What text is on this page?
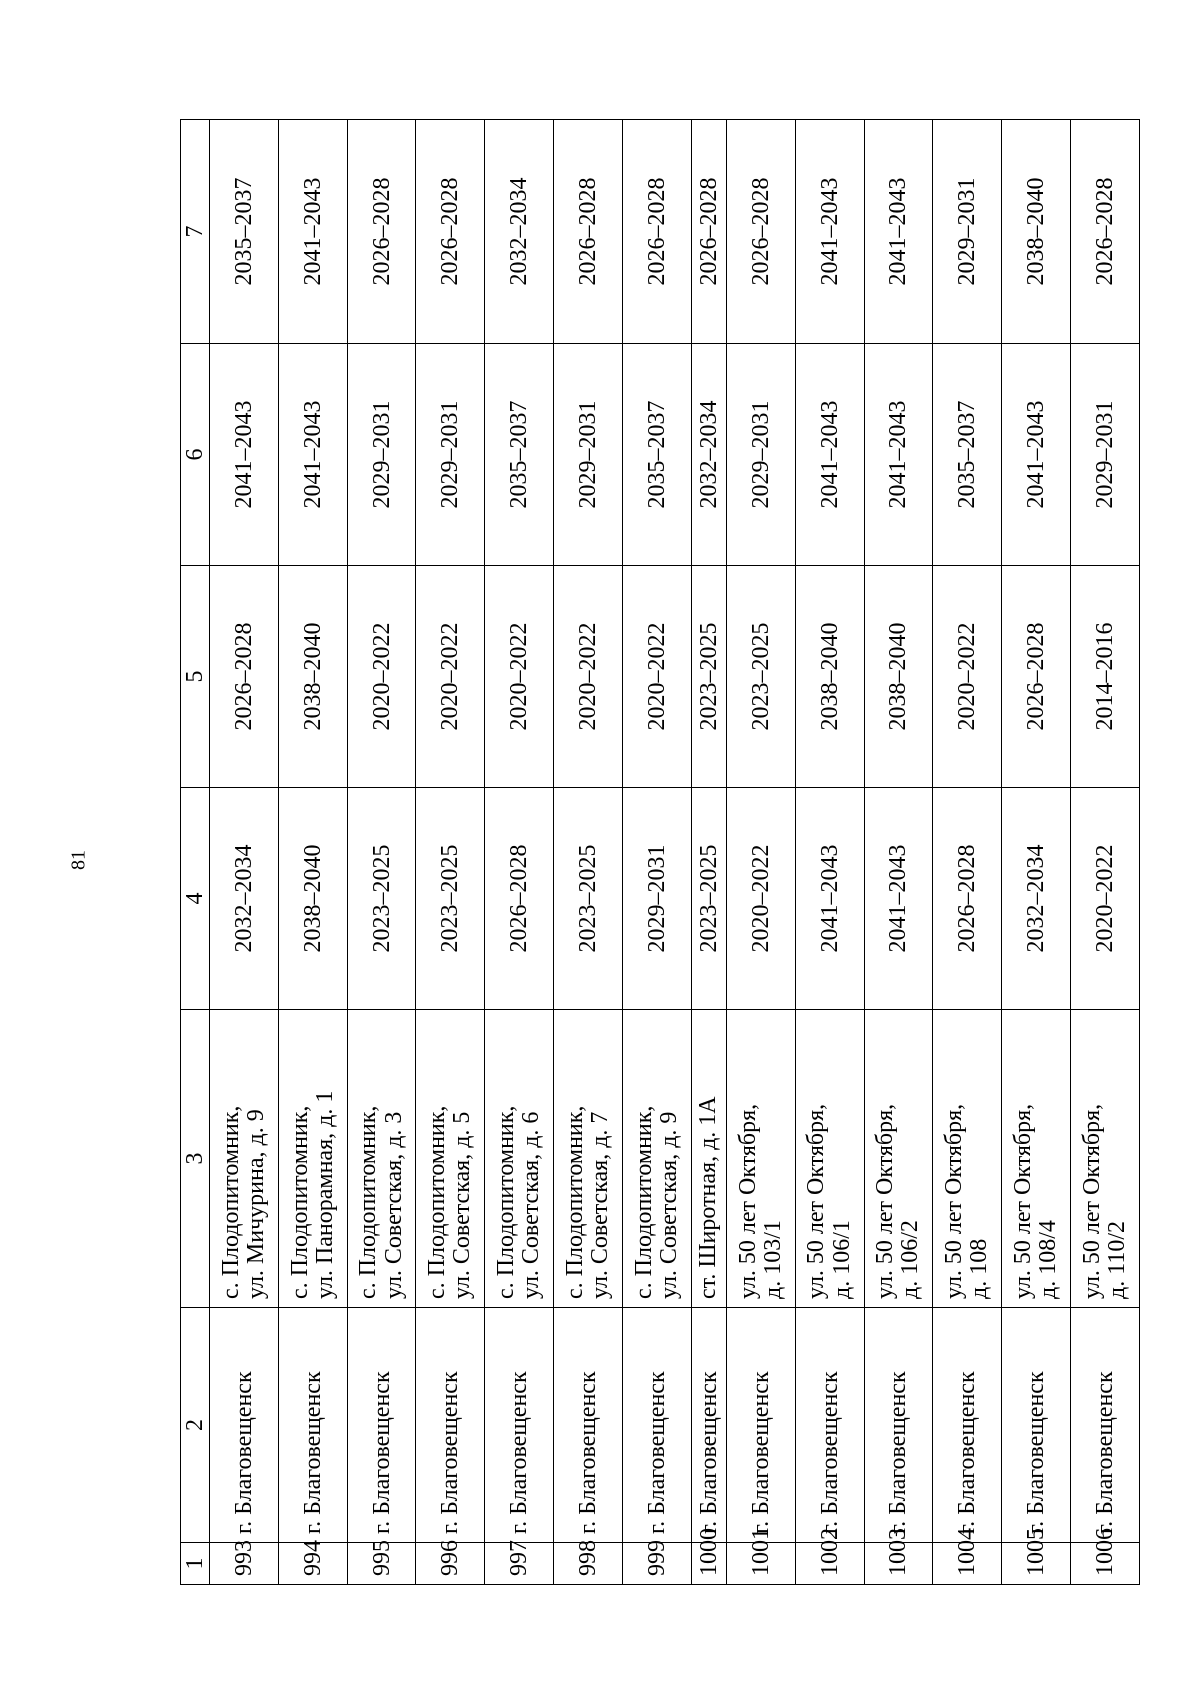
81
1	2	3	4	5	6	7
993	г. Благовещенск	с. Плодопитомник,
ул. Мичурина, д. 9	2032–2034	2026–2028	2041–2043	2035–2037
994	г. Благовещенск	с. Плодопитомник,
ул. Панорамная, д. 1	2038–2040	2038–2040	2041–2043	2041–2043
995	г. Благовещенск	с. Плодопитомник,
ул. Советская, д. 3	2023–2025	2020–2022	2029–2031	2026–2028
996	г. Благовещенск	с. Плодопитомник,
ул. Советская, д. 5	2023–2025	2020–2022	2029–2031	2026–2028
997	г. Благовещенск	с. Плодопитомник,
ул. Советская, д. 6	2026–2028	2020–2022	2035–2037	2032–2034
998	г. Благовещенск	с. Плодопитомник,
ул. Советская, д. 7	2023–2025	2020–2022	2029–2031	2026–2028
999	г. Благовещенск	с. Плодопитомник,
ул. Советская, д. 9	2029–2031	2020–2022	2035–2037	2026–2028
1000	г. Благовещенск	ст. Широтная, д. 1А	2023–2025	2023–2025	2032–2034	2026–2028
1001	г. Благовещенск	ул. 50 лет Октября,
д. 103/1	2020–2022	2023–2025	2029–2031	2026–2028
1002	г. Благовещенск	ул. 50 лет Октября,
д. 106/1	2041–2043	2038–2040	2041–2043	2041–2043
1003	г. Благовещенск	ул. 50 лет Октября,
д. 106/2	2041–2043	2038–2040	2041–2043	2041–2043
1004	г. Благовещенск	ул. 50 лет Октября,
д. 108	2026–2028	2020–2022	2035–2037	2029–2031
1005	г. Благовещенск	ул. 50 лет Октября,
д. 108/4	2032–2034	2026–2028	2041–2043	2038–2040
1006	г. Благовещенск	ул. 50 лет Октября,
д. 110/2	2020–2022	2014–2016	2029–2031	2026–2028
